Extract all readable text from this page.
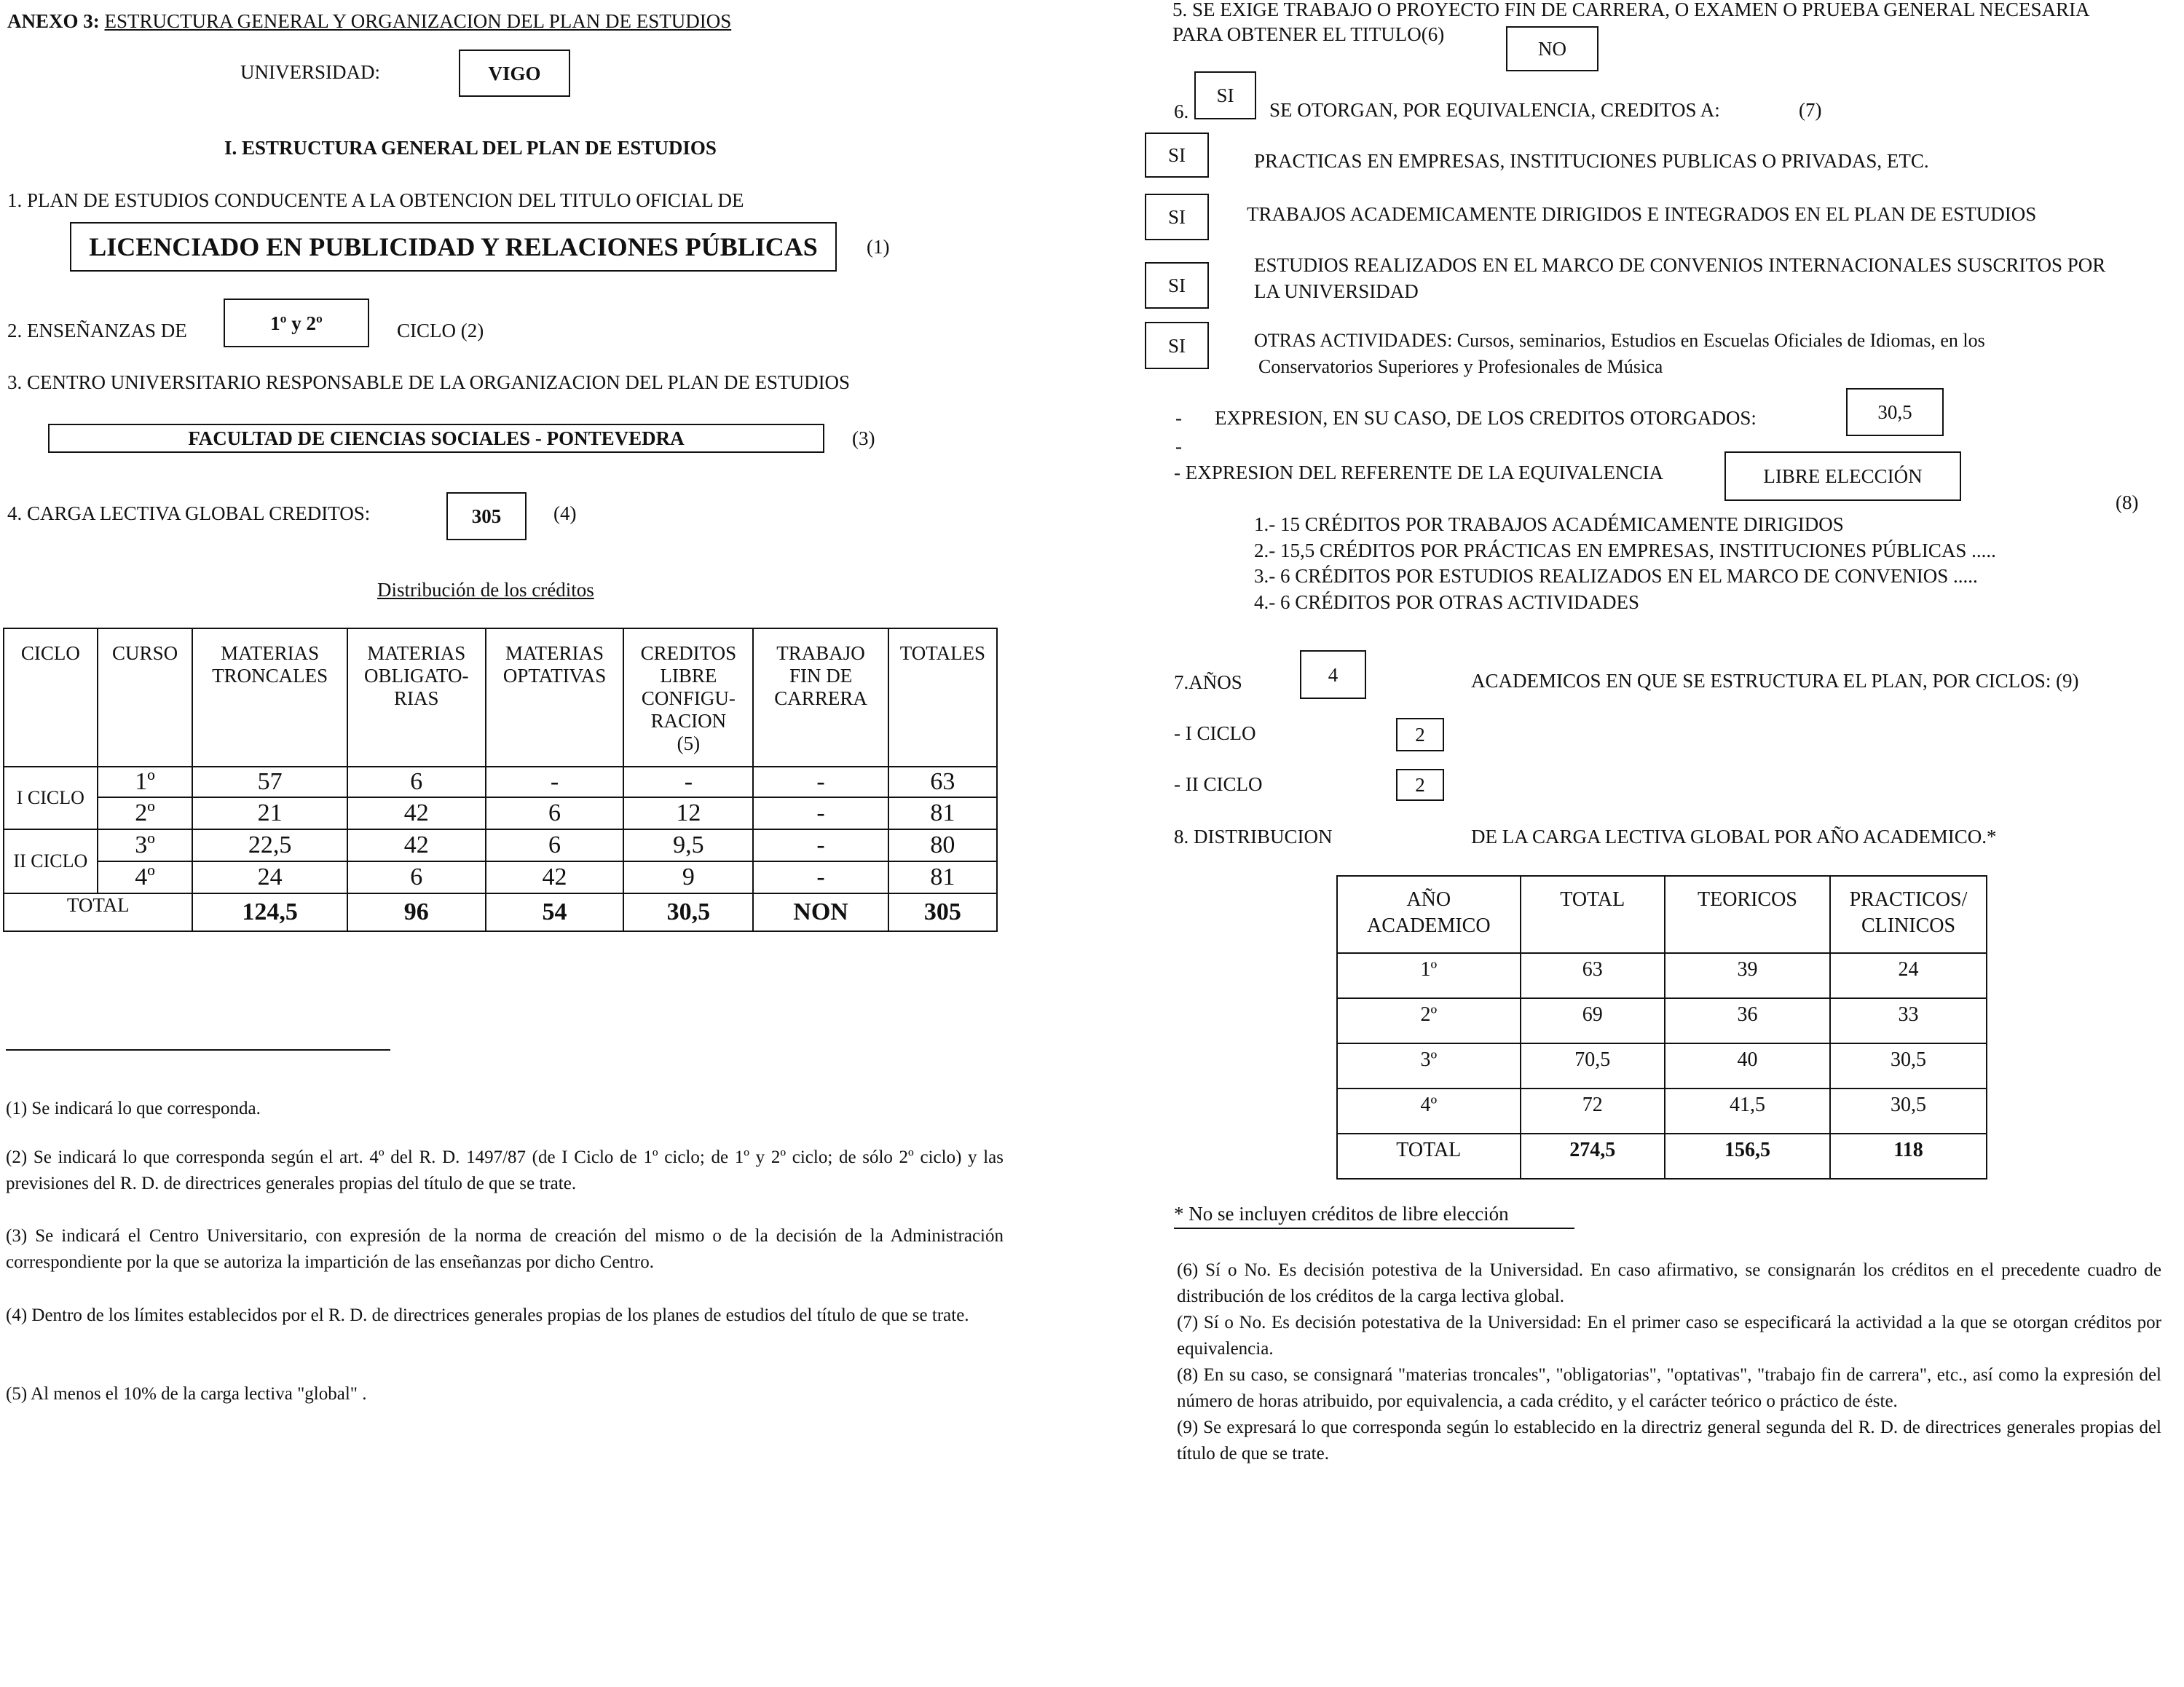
ANEXO 3: ESTRUCTURA GENERAL Y ORGANIZACION DEL PLAN DE ESTUDIOS
UNIVERSIDAD:	VIGO
I. ESTRUCTURA GENERAL DEL PLAN DE ESTUDIOS
1. PLAN DE ESTUDIOS CONDUCENTE A LA OBTENCION DEL TITULO OFICIAL DE
LICENCIADO EN PUBLICIDAD Y RELACIONES PÚBLICAS (1)
2. ENSEÑANZAS DE	1º y 2º	CICLO (2)
3. CENTRO UNIVERSITARIO RESPONSABLE DE LA ORGANIZACION DEL PLAN DE ESTUDIOS
FACULTAD DE CIENCIAS SOCIALES - PONTEVEDRA	(3)
4. CARGA LECTIVA GLOBAL CREDITOS:	305	(4)
Distribución de los créditos
CICLO	CURSO	MATERIAS TRONCALES	MATERIAS OBLIGATO- RIAS	MATERIAS OPTATIVAS	CREDITOS LIBRE CONFIGU- RACION (5)	TRABAJO FIN DE CARRERA	TOTALES
I CICLO	1º	57	6	-	-	-	63
	2º	21	42	6	12	-	81
II CICLO	3º	22,5	42	6	9,5	-	80
	4º	24	6	42	9	-	81
TOTAL		124,5	96	54	30,5	NON	305
(1) Se indicará lo que corresponda.
(2) Se indicará lo que corresponda según el art. 4º del R. D. 1497/87 (de I Ciclo de 1º ciclo; de 1º y 2º ciclo; de sólo 2º ciclo) y las previsiones del R. D. de directrices generales propias del título de que se trate.
(3) Se indicará el Centro Universitario, con expresión de la norma de creación del mismo o de la decisión de la Administración correspondiente por la que se autoriza la impartición de las enseñanzas por dicho Centro.
(4) Dentro de los límites establecidos por el R. D. de directrices generales propias de los planes de estudios del título de que se trate.
(5) Al menos el 10% de la carga lectiva "global" .
5. SE EXIGE TRABAJO O PROYECTO FIN DE CARRERA, O EXAMEN O PRUEBA GENERAL NECESARIA
PARA OBTENER EL TITULO(6)
NO
6.
SI
SE OTORGAN, POR EQUIVALENCIA, CREDITOS A:	(7)
SI	PRACTICAS EN EMPRESAS, INSTITUCIONES PUBLICAS O PRIVADAS, ETC.
SI	TRABAJOS ACADEMICAMENTE DIRIGIDOS E INTEGRADOS EN EL PLAN DE ESTUDIOS
SI
ESTUDIOS REALIZADOS EN EL MARCO DE CONVENIOS INTERNACIONALES SUSCRITOS POR
LA UNIVERSIDAD
SI	OTRAS ACTIVIDADES: Cursos, seminarios, Estudios en Escuelas Oficiales de Idiomas, en los
Conservatorios Superiores y Profesionales de Música
- EXPRESION, EN SU CASO, DE LOS CREDITOS OTORGADOS:	30,5
-
- EXPRESION DEL REFERENTE DE LA EQUIVALENCIA	LIBRE ELECCIÓN
(8)
1.- 15 CRÉDITOS POR TRABAJOS ACADÉMICAMENTE DIRIGIDOS
2.- 15,5 CRÉDITOS POR PRÁCTICAS EN EMPRESAS, INSTITUCIONES PÚBLICAS .....
3.- 6 CRÉDITOS POR ESTUDIOS REALIZADOS EN EL MARCO DE CONVENIOS .....
4.- 6 CRÉDITOS POR OTRAS ACTIVIDADES
7.AÑOS	4	ACADEMICOS EN QUE SE ESTRUCTURA EL PLAN, POR CICLOS: (9)
- I CICLO	2
- II CICLO	2
8. DISTRIBUCION	DE LA CARGA LECTIVA GLOBAL POR AÑO ACADEMICO.*
AÑO ACADEMICO	TOTAL	TEORICOS	PRACTICOS/ CLINICOS
1º	63	39	24
2º	69	36	33
3º	70,5	40	30,5
4º	72	41,5	30,5
TOTAL	274,5	156,5	118
* No se incluyen créditos de libre elección
(6) Sí o No. Es decisión potestiva de la Universidad. En caso afirmativo, se consignarán los créditos en el precedente cuadro de distribución de los créditos de la carga lectiva global.
(7) Sí o No. Es decisión potestativa de la Universidad: En el primer caso se especificará la actividad a la que se otorgan créditos por equivalencia.
(8) En su caso, se consignará "materias troncales", "obligatorias", "optativas", "trabajo fin de carrera", etc., así como la expresión del número de horas atribuido, por equivalencia, a cada crédito, y el carácter teórico o práctico de éste.
(9) Se expresará lo que corresponda según lo establecido en la directriz general segunda del R. D. de directrices generales propias del título de que se trate.
